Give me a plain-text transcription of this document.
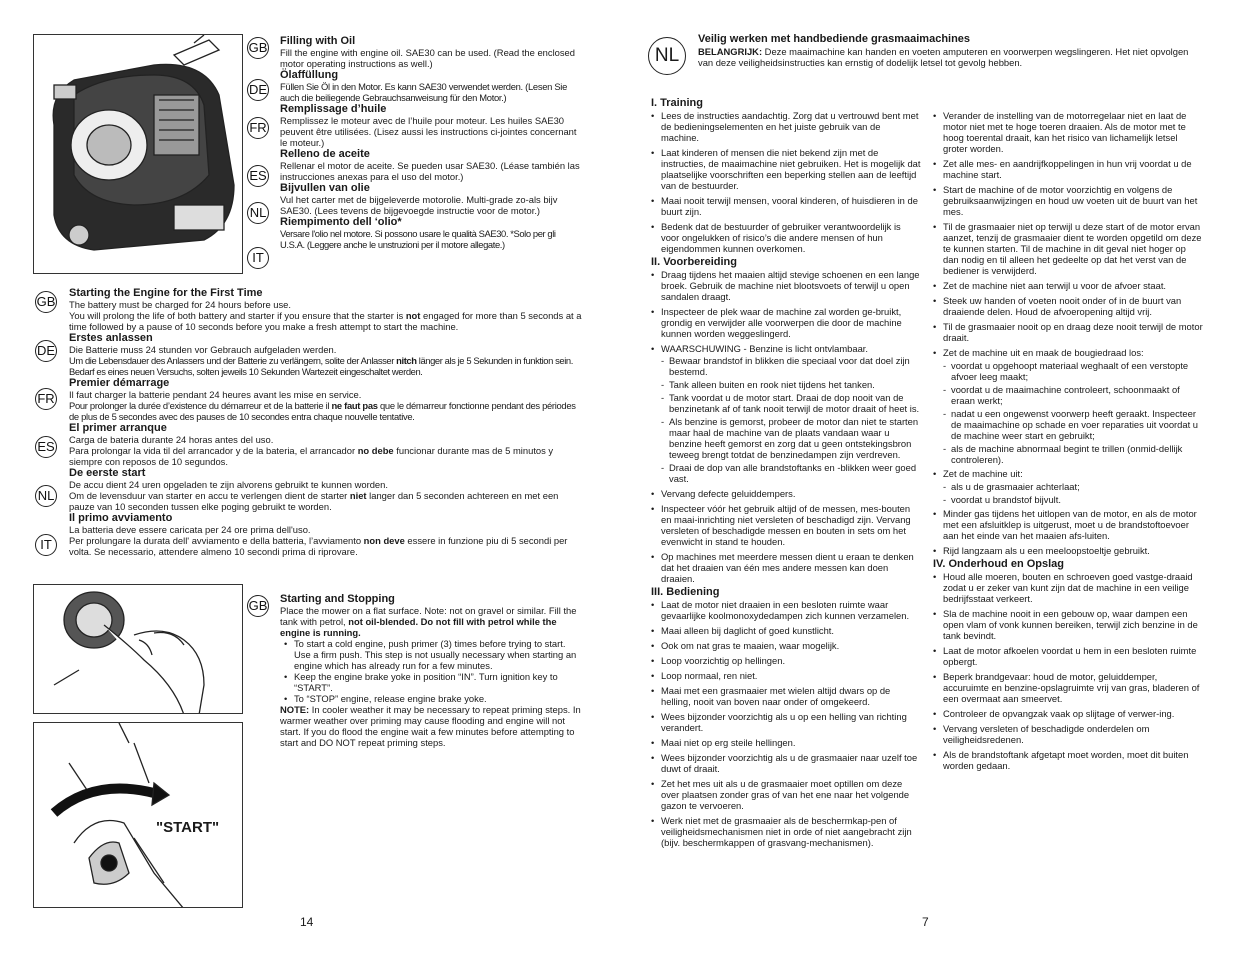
GB
DE
FR
ES
NL
IT
Filling with Oil

Fill the engine with engine oil. SAE30 can be used. (Read the enclosed motor operating instructions as well.)

Ölaffüllung

Füllen Sie Öl in den Motor. Es kann SAE30 verwendet werden. (Lesen Sie auch die beiliegende Gebrauchsanweisung für den Motor.)

Remplissage d’huile

Remplissez le moteur avec de l’huile pour moteur. Les huiles SAE30 peuvent être utilisées. (Lisez aussi les instructions ci-jointes concernant le moteur.)

Relleno de aceite

Rellenar el motor de aceite. Se pueden usar SAE30. (Léase también las instrucciones anexas para el uso del motor.)

Bijvullen van olie

Vul het carter met de bijgeleverde motorolie. Multi-grade zo-als bijv SAE30. (Lees tevens de bijgevoegde instructie voor de motor.)

Riempimento dell ‘olio*

Versare l'olio nel motore. Si possono usare le qualità SAE30. *Solo per gli U.S.A. (Leggere anche le unstruzioni per il motore allegate.)

GB
DE
FR
ES
NL
IT
Starting the Engine for the First Time

The battery must be charged for 24 hours before use.

You will prolong the life of both battery and starter if you ensure that the starter is not engaged for more than 5 seconds at a time followed by a pause of 10 seconds before you make a fresh attempt to start the machine.

Erstes anlassen

Die Batterie muss 24 stunden vor Gebrauch aufgeladen werden.

Um die Lebensdauer des Anlassers und der Batterie zu verlängern, solite der Anlasser nitch länger als je 5 Sekunden in funktion sein. Bedarf es eines neuen Versuchs, solten jeweils 10 Sekunden Wartezeit eingeschaltet werden.

Premier démarrage

Il faut charger la batterie pendant 24 heures avant les mise en service.

Pour prolonger la durée d’existence du démarreur et de la batterie il ne faut pas que le démarreur fonctionne pendant des périodes de plus de 5 secondes avec des pauses de 10 secondes entra chaque nouvelle tentative.

El primer arranque

Carga de bateria durante 24 horas antes del uso.

Para prolongar la vida til del arrancador y de la bateria, el arrancador no debe funcionar durante mas de 5 minutos y siempre con reposos de 10 segundos.

De eerste start

De accu dient 24 uren opgeladen te zijn alvorens gebruikt te kunnen worden.

Om de levensduur van starter en accu te verlengen dient de starter niet langer dan 5 seconden achtereen en met een pauze van 10 seconden tussen elke poging gebruikt te worden.

Il primo avviamento

La batteria deve essere caricata per 24 ore prima dell'uso.

Per prolungare la durata dell' avviamento e della batteria, l’avviamento non deve essere in funzione piu di 5 secondi per volta. Se necessario, attendere almeno 10 secondi prima di riprovare.

"START"
GB Starting and Stopping

Place the mower on a flat surface. Note: not on gravel or similar. Fill the tank with petrol, not oil-blended. Do not fill with petrol while the engine is running.

• To start a cold engine, push primer (3) times before trying to start. Use a firm push. This step is not usually necessary when starting an engine which has already run for a few minutes.
• Keep the engine brake yoke in position “IN”. Turn ignition key to “START”.
• To “STOP” engine, release engine brake yoke.

NOTE: In cooler weather it may be necessary to repeat priming steps. In warmer weather over priming may cause flooding and engine will not start. If you do flood the engine wait a few minutes before attempting to start and DO NOT repeat priming steps.

14
NL
Veilig werken met handbediende grasmaaimachines

BELANGRIJK: Deze maaimachine kan handen en voeten amputeren en voorwerpen wegslingeren. Het niet opvolgen van deze veiligheidsinstructies kan ernstig of dodelijk letsel tot gevolg hebben.

I. Training
• Lees de instructies aandachtig. Zorg dat u vertrouwd bent met de bedieningselementen en het juiste gebruik van de machine.
• Laat kinderen of mensen die niet bekend zijn met de instructies, de maaimachine niet gebruiken. Het is mogelijk dat plaatselijke voorschriften een beperking stellen aan de leeftijd van de bestuurder.
• Maai nooit terwijl mensen, vooral kinderen, of huisdieren in de buurt zijn.
• Bedenk dat de bestuurder of gebruiker verantwoordelijk is voor ongelukken of risico’s die andere mensen of hun eigendommen kunnen overkomen.
II. Voorbereiding
• Draag tijdens het maaien altijd stevige schoenen en een lange broek. Gebruik de machine niet blootsvoets of terwijl u open sandalen draagt.
• Inspecteer de plek waar de machine zal worden ge-bruikt, grondig en verwijder alle voorwerpen die door de machine kunnen worden weggeslingerd.
• WAARSCHUWING - Benzine is licht ontvlambaar.
- Bewaar brandstof in blikken die speciaal voor dat doel zijn bestemd.
- Tank alleen buiten en rook niet tijdens het tanken.
- Tank voordat u de motor start. Draai de dop nooit van de benzinetank af of tank nooit terwijl de motor draait of heet is.
- Als benzine is gemorst, probeer de motor dan niet te starten maar haal de machine van de plaats vandaan waar u benzine heeft gemorst en zorg dat u geen ontstekingsbron teweeg brengt totdat de benzinedampen zijn verdreven.
- Draai de dop van alle brandstoftanks en -blikken weer goed vast.
• Vervang defecte geluiddempers.
• Inspecteer vóór het gebruik altijd of de messen, mes-bouten en maai-inrichting niet versleten of beschadigd zijn. Vervang versleten of beschadigde messen en bouten in sets om het evenwicht in stand te houden.
• Op machines met meerdere messen dient u eraan te denken dat het draaien van één mes andere messen kan doen draaien.
III. Bediening
• Laat de motor niet draaien in een besloten ruimte waar gevaarlijke koolmonoxydedampen zich kunnen verzamelen.
• Maai alleen bij daglicht of goed kunstlicht.
• Ook om nat gras te maaien, waar mogelijk.
• Loop voorzichtig op hellingen.
• Loop normaal, ren niet.
• Maai met een grasmaaier met wielen altijd dwars op de helling, nooit van boven naar onder of omgekeerd.
• Wees bijzonder voorzichtig als u op een helling van richting verandert.
• Maai niet op erg steile hellingen.
• Wees bijzonder voorzichtig als u de grasmaaier naar uzelf toe duwt of draait.
• Zet het mes uit als u de grasmaaier moet optillen om deze over plaatsen zonder gras of van het ene naar het volgende gazon te vervoeren.
• Werk niet met de grasmaaier als de beschermkap-pen of veiligheidsmechanismen niet in orde of niet aangebracht zijn (bijv. beschermkappen of grasvang-mechanismen).
• Verander de instelling van de motorregelaar niet en laat de motor niet met te hoge toeren draaien. Als de motor met te hoog toerental draait, kan het risico van lichamelijk letsel groter worden.
• Zet alle mes- en aandrijfkoppelingen in hun vrij voordat u de machine start.
• Start de machine of de motor voorzichtig en volgens de gebruiksaanwijzingen en houd uw voeten uit de buurt van het mes.
• Til de grasmaaier niet op terwijl u deze start of de motor ervan aanzet, tenzij de grasmaaier dient te worden opgetild om deze te kunnen starten. Til de machine in dit geval niet hoger op dan nodig en til alleen het gedeelte op dat het verst van de bediener is verwijderd.
• Zet de machine niet aan terwijl u voor de afvoer staat.
• Steek uw handen of voeten nooit onder of in de buurt van draaiende delen. Houd de afvoeropening altijd vrij.
• Til de grasmaaier nooit op en draag deze nooit terwijl de motor draait.
• Zet de machine uit en maak de bougiedraad los:
- voordat u opgehoopt materiaal weghaalt of een verstopte afvoer leeg maakt;
- voordat u de maaimachine controleert, schoonmaakt of eraan werkt;
- nadat u een ongewenst voorwerp heeft geraakt. Inspecteer de maaimachine op schade en voer reparaties uit voordat u de machine weer start en gebruikt;
- als de machine abnormaal begint te trillen (onmid-dellijk controleren).
• Zet de machine uit:
- als u de grasmaaier achterlaat;
- voordat u brandstof bijvult.
• Minder gas tijdens het uitlopen van de motor, en als de motor met een afsluitklep is uitgerust, moet u de brandstoftoevoer aan het einde van het maaien afs-luiten.
• Rijd langzaam als u een meeloopstoeltje gebruikt.
IV. Onderhoud en Opslag
• Houd alle moeren, bouten en schroeven goed vastge-draaid zodat u er zeker van kunt zijn dat de machine in een veilige bedrijfsstaat verkeert.
• Sla de machine nooit in een gebouw op, waar dampen een open vlam of vonk kunnen bereiken, terwijl zich benzine in de tank bevindt.
• Laat de motor afkoelen voordat u hem in een besloten ruimte opbergt.
• Beperk brandgevaar: houd de motor, geluiddemper, accuruimte en benzine-opslagruimte vrij van gras, bladeren of een overmaat aan smeervet.
• Controleer de opvangzak vaak op slijtage of verwer-ing.
• Vervang versleten of beschadigde onderdelen om veiligheidsredenen.
• Als de brandstoftank afgetapt moet worden, moet dit buiten worden gedaan.
7
